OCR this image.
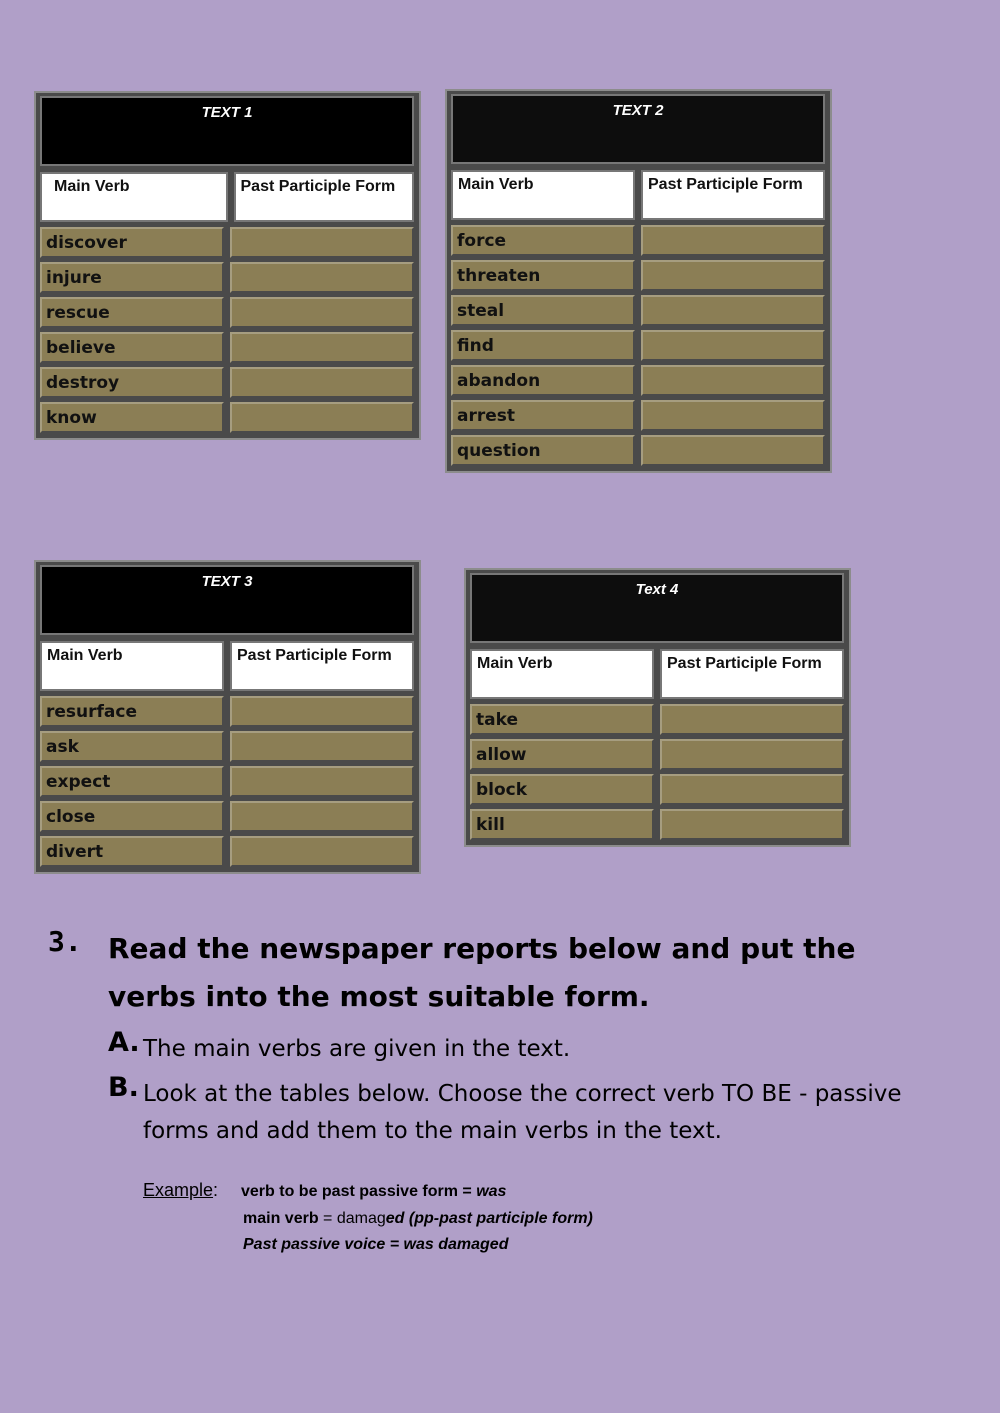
TEXT 1
Main Verb	Past Participle Form
discover
injure
rescue
believe
destroy
know
TEXT 2
Main Verb	Past Participle Form
force
threaten
steal
find
abandon
arrest
question
TEXT 3
Main Verb	Past Participle Form
resurface
ask
expect
close
divert
Text 4
Main Verb	Past Participle Form
take
allow
block
kill
3. Read the newspaper reports below and put the verbs into the most suitable form.
A. The main verbs are given in the text.
B. Look at the tables below. Choose the correct verb TO BE - passive forms and add them to the main verbs in the text.
Example: verb to be past passive form = was
main verb = damaged (pp-past participle form)
Past passive voice = was damaged
